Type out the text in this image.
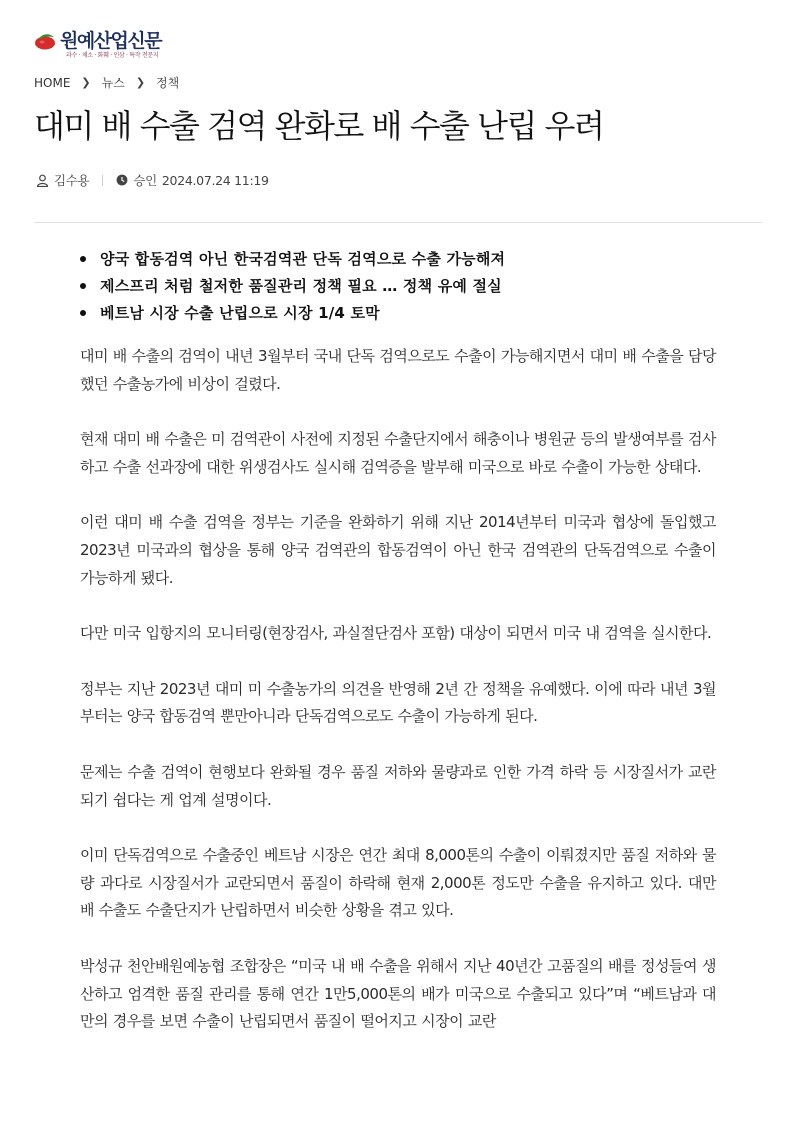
원예산업신문
과수 · 채소 · 화훼 · 인삼 · 특작 전문지
HOME ❯ 뉴스 ❯ 정책
대미 배 수출 검역 완화로 배 수출 난립 우려
김수용	승인 2024.07.24 11:19
양국 합동검역 아닌 한국검역관 단독 검역으로 수출 가능해져
제스프리 처럼 철저한 품질관리 정책 필요 … 정책 유예 절실
베트남 시장 수출 난립으로 시장 1/4 토막

대미 배 수출의 검역이 내년 3월부터 국내 단독 검역으로도 수출이 가능해지면서 대미 배 수출을 담당했던 수출농가에 비상이 걸렸다.

현재 대미 배 수출은 미 검역관이 사전에 지정된 수출단지에서 해충이나 병원균 등의 발생여부를 검사하고 수출 선과장에 대한 위생검사도 실시해 검역증을 발부해 미국으로 바로 수출이 가능한 상태다.

이런 대미 배 수출 검역을 정부는 기준을 완화하기 위해 지난 2014년부터 미국과 협상에 돌입했고 2023년 미국과의 협상을 통해 양국 검역관의 합동검역이 아닌 한국 검역관의 단독검역으로 수출이 가능하게 됐다.

다만 미국 입항지의 모니터링(현장검사, 과실절단검사 포함) 대상이 되면서 미국 내 검역을 실시한다.

정부는 지난 2023년 대미 미 수출농가의 의견을 반영해 2년 간 정책을 유예했다. 이에 따라 내년 3월부터는 양국 합동검역 뿐만아니라 단독검역으로도 수출이 가능하게 된다.

문제는 수출 검역이 현행보다 완화될 경우 품질 저하와 물량과로 인한 가격 하락 등 시장질서가 교란되기 쉽다는 게 업계 설명이다.

이미 단독검역으로 수출중인 베트남 시장은 연간 최대 8,000톤의 수출이 이뤄졌지만 품질 저하와 물량 과다로 시장질서가 교란되면서 품질이 하락해 현재 2,000톤 정도만 수출을 유지하고 있다. 대만 배 수출도 수출단지가 난립하면서 비슷한 상황을 겪고 있다.

박성규 천안배원예농협 조합장은 “미국 내 배 수출을 위해서 지난 40년간 고품질의 배를 정성들여 생산하고 엄격한 품질 관리를 통해 연간 1만5,000톤의 배가 미국으로 수출되고 있다”며 “베트남과 대만의 경우를 보면 수출이 난립되면서 품질이 떨어지고 시장이 교란
